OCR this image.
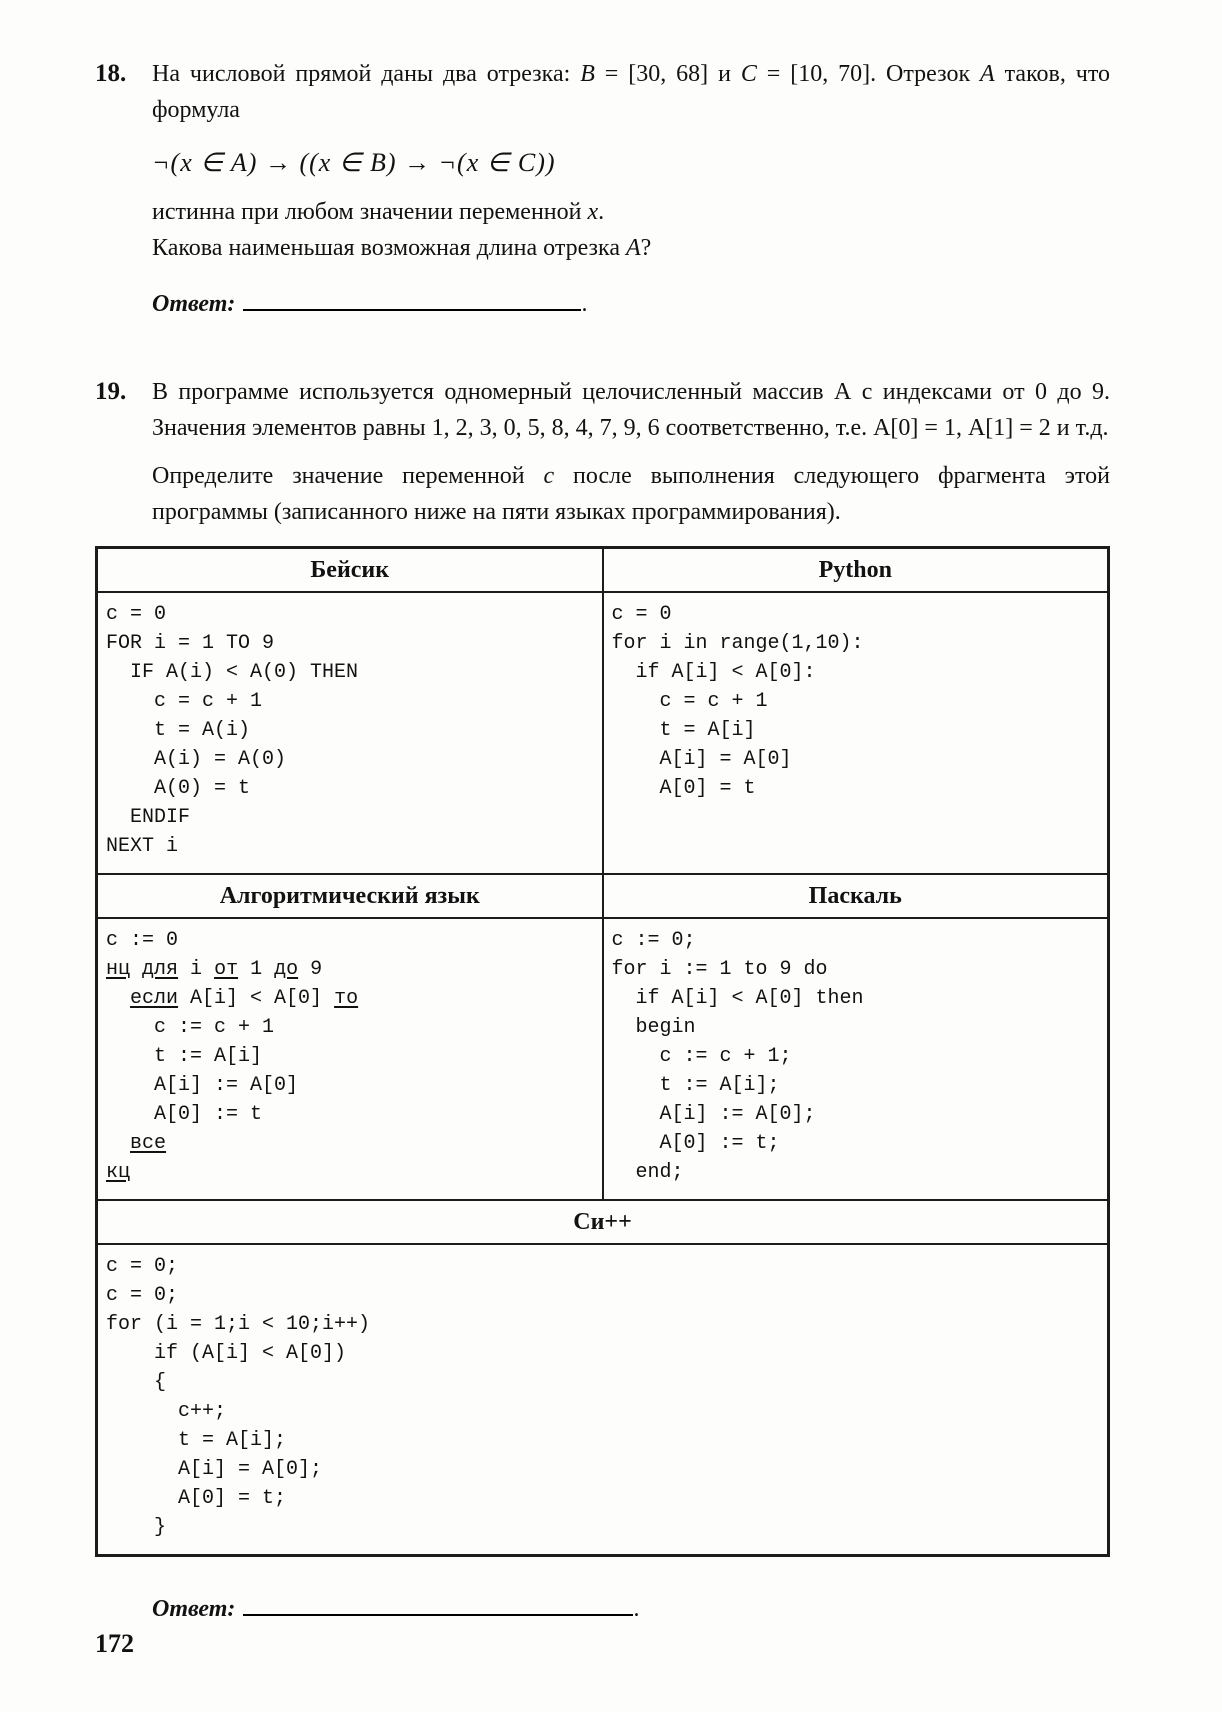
18.	На числовой прямой даны два отрезка: B = [30, 68] и C = [10, 70]. Отрезок A таков, что формула

¬(x ∈ A) → ((x ∈ B) → ¬(x ∈ C))

истинна при любом значении переменной x.

Какова наименьшая возможная длина отрезка A?

Ответ:	.

19.	В программе используется одномерный целочисленный массив А с индексами от 0 до 9. Значения элементов равны 1, 2, 3, 0, 5, 8, 4, 7, 9, 6 соответственно, т.е. А[0] = 1, А[1] = 2 и т.д.

Определите значение переменной c после выполнения следующего фрагмента этой программы (записанного ниже на пяти языках программирования).

Бейсик	Python

c = 0
FOR i = 1 TO 9
IF A(i) < A(0) THEN
c = c + 1
t = A(i)
A(i) = A(0)
A(0) = t
ENDIF
NEXT i

c = 0
for i in range(1,10):
if A[i] < A[0]:
c = c + 1
t = A[i]
A[i] = A[0]
A[0] = t

Алгоритмический язык	Паскаль

c := 0
нц для i от 1 до 9
если A[i] < A[0] то
c := c + 1
t := A[i]
A[i] := A[0]
A[0] := t
все
кц

c := 0;
for i := 1 to 9 do
if A[i] < A[0] then
begin
c := c + 1;
t := A[i];
A[i] := A[0];
A[0] := t;
end;

Си++	

c = 0;
c = 0;
for (i = 1;i < 10;i++)
if (A[i] < A[0])
{
c++;
t = A[i];
A[i] = A[0];
A[0] = t;
}

Ответ:	.

172
